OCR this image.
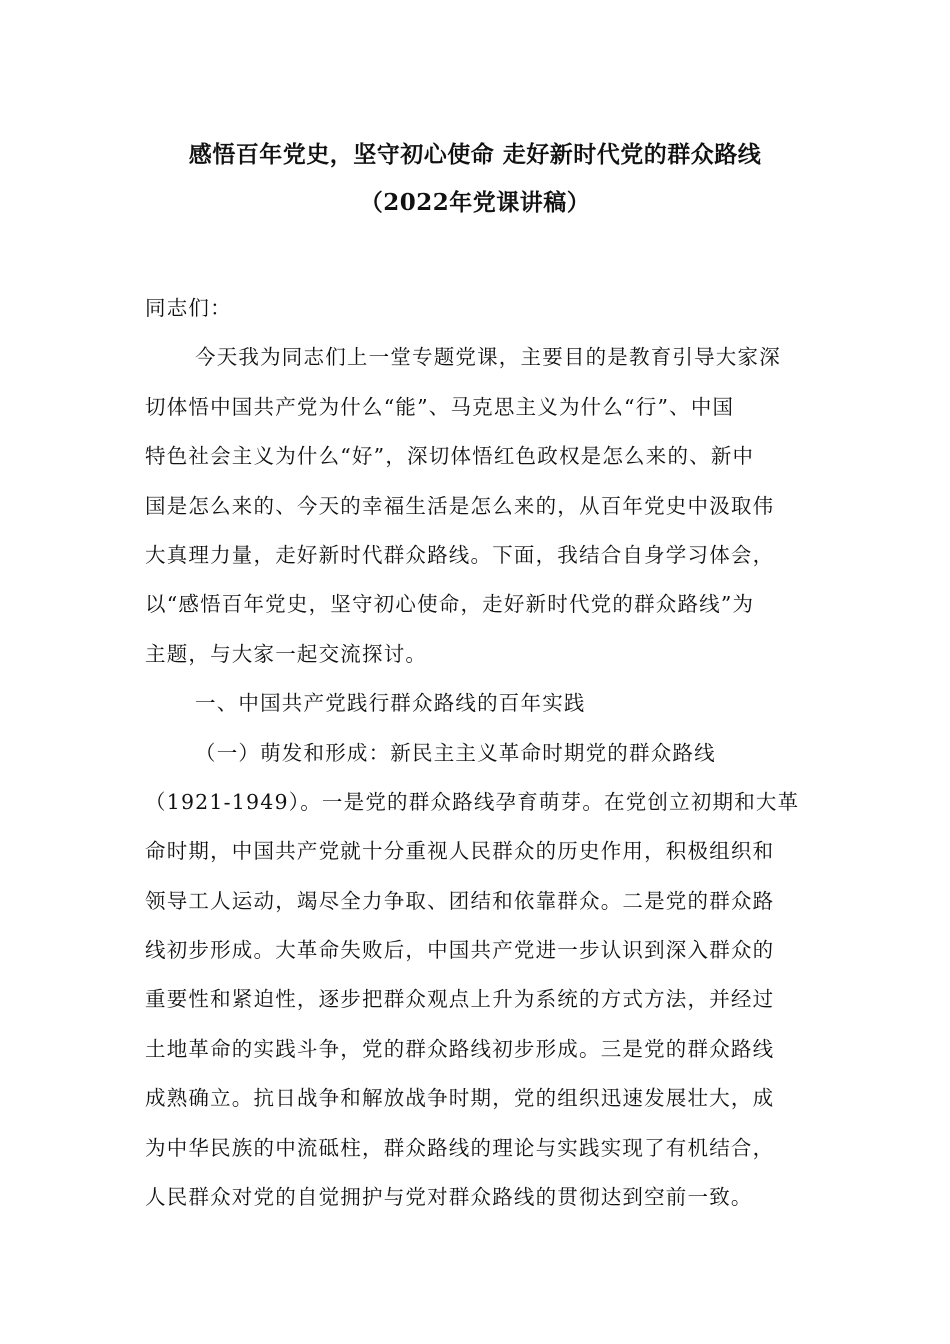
感悟百年党史，坚守初心使命 走好新时代党的群众路线
（2022年党课讲稿）
同志们：
今天我为同志们上一堂专题党课，主要目的是教育引导大家深
切体悟中国共产党为什么“能”、马克思主义为什么“行”、中国
特色社会主义为什么“好”，深切体悟红色政权是怎么来的、新中
国是怎么来的、今天的幸福生活是怎么来的，从百年党史中汲取伟
大真理力量，走好新时代群众路线。下面，我结合自身学习体会，
以“感悟百年党史，坚守初心使命，走好新时代党的群众路线”为
主题，与大家一起交流探讨。
一、中国共产党践行群众路线的百年实践
（一）萌发和形成：新民主主义革命时期党的群众路线
（1921-1949）。一是党的群众路线孕育萌芽。在党创立初期和大革
命时期，中国共产党就十分重视人民群众的历史作用，积极组织和
领导工人运动，竭尽全力争取、团结和依靠群众。二是党的群众路
线初步形成。大革命失败后，中国共产党进一步认识到深入群众的
重要性和紧迫性，逐步把群众观点上升为系统的方式方法，并经过
土地革命的实践斗争，党的群众路线初步形成。三是党的群众路线
成熟确立。抗日战争和解放战争时期，党的组织迅速发展壮大，成
为中华民族的中流砥柱，群众路线的理论与实践实现了有机结合，
人民群众对党的自觉拥护与党对群众路线的贯彻达到空前一致。
